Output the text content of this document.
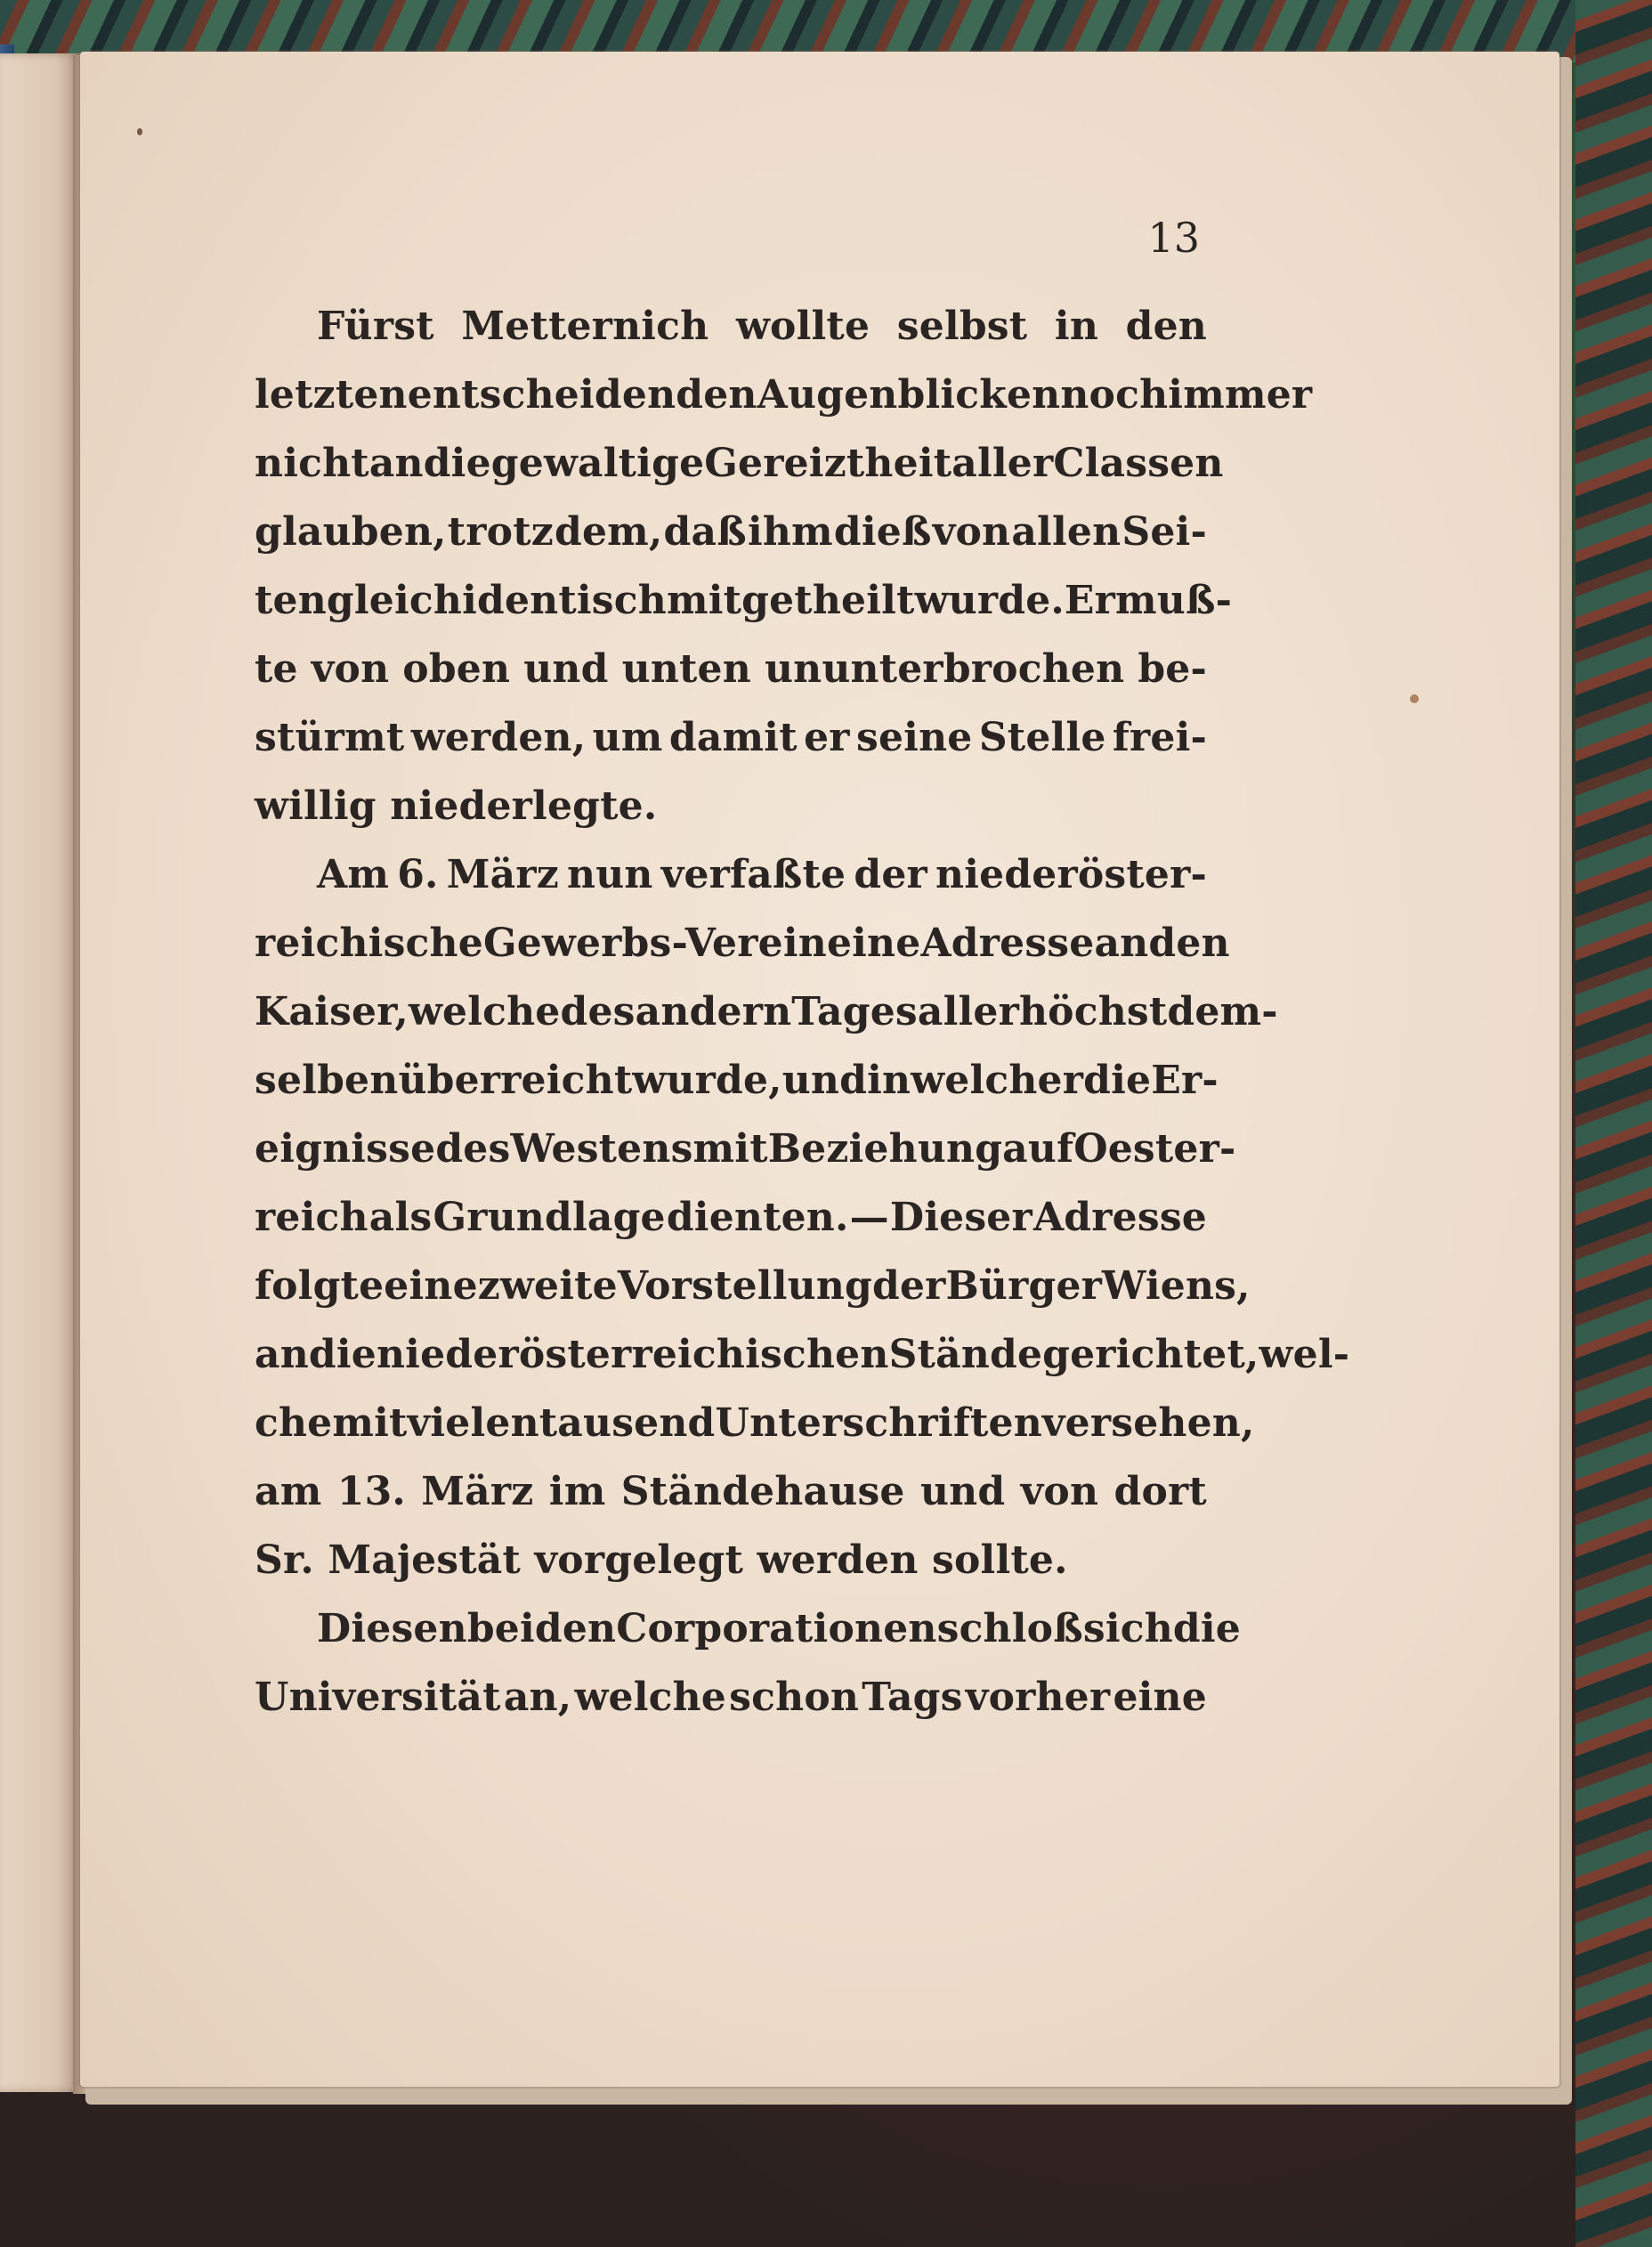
13
Fürst Metternich wollte selbst in den
letzten entscheidenden Augenblicken noch immer
nicht an die gewaltige Gereiztheit aller Classen
glauben, trotz dem, daß ihm dieß von allen Sei-
ten gleich identisch mitgetheilt wurde. Er muß-
te von oben und unten ununterbrochen be-
stürmt werden, um damit er seine Stelle frei-
willig niederlegte.
Am 6. März nun verfaßte der niederöster-
reichische Gewerbs-Verein eine Adresse an den
Kaiser, welche des andern Tages allerhöchst dem-
selben überreicht wurde, und in welcher die Er-
eignisse des Westens mit Beziehung auf Oester-
reich als Grundlage dienten. — Dieser Adresse
folgte eine zweite Vorstellung der Bürger Wiens,
an die niederösterreichischen Stände gerichtet, wel-
che mit vielen tausend Unterschriften versehen,
am 13. März im Ständehause und von dort
Sr. Majestät vorgelegt werden sollte.
Diesen beiden Corporationen schloß sich die
Universität an, welche schon Tags vorher eine
